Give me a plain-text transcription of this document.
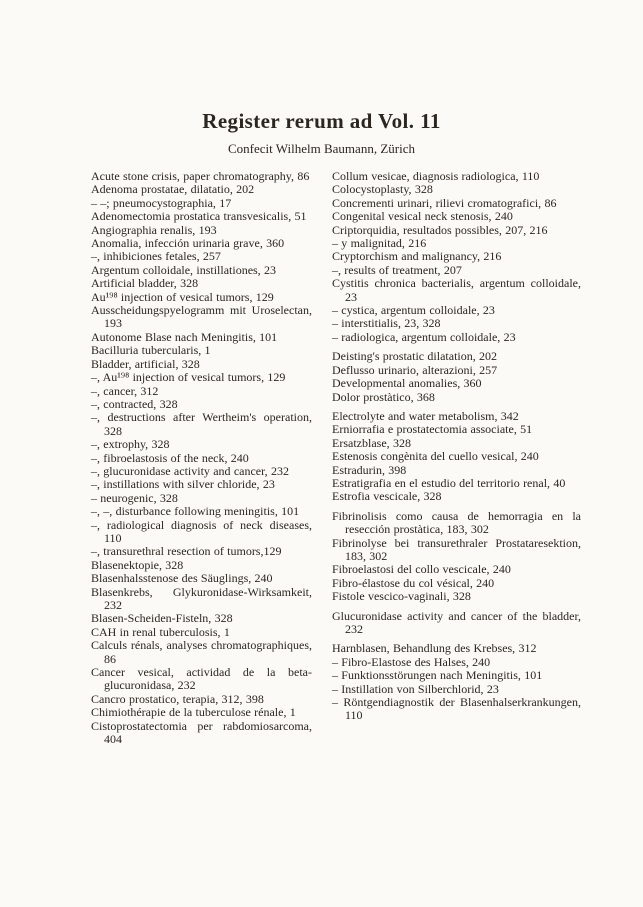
Register rerum ad Vol. 11
Confecit Wilhelm Baumann, Zürich

Acute stone crisis, paper chromatography, 86

Adenoma prostatae, dilatatio, 202

– –; pneumocystographia, 17

Adenomectomia prostatica transvesicalis, 51

Angiographia renalis, 193

Anomalia, infección urinaria grave, 360

–, inhibiciones fetales, 257

Argentum colloidale, instillationes, 23

Artificial bladder, 328

Au¹⁹⁸ injection of vesical tumors, 129

Ausscheidungspyelogramm mit Uroselectan, 193

Autonome Blase nach Meningitis, 101

Bacilluria tubercularis, 1

Bladder, artificial, 328

–, Au¹⁹⁸ injection of vesical tumors, 129

–, cancer, 312

–, contracted, 328

–, destructions after Wertheim's operation, 328

–, extrophy, 328

–, fibroelastosis of the neck, 240

–, glucuronidase activity and cancer, 232

–, instillations with silver chloride, 23

– neurogenic, 328

–, –, disturbance following meningitis, 101

–, radiological diagnosis of neck diseases, 110

–, transurethral resection of tumors,129

Blasenektopie, 328

Blasenhalsstenose des Säuglings, 240

Blasenkrebs, Glykuronidase-Wirksamkeit, 232

Blasen-Scheiden-Fisteln, 328

CAH in renal tuberculosis, 1

Calculs rénals, analyses chromatographiques, 86

Cancer vesical, actividad de la beta-glucuronidasa, 232

Cancro prostatico, terapia, 312, 398

Chimiothérapie de la tuberculose rénale, 1

Cistoprostatectomia per rabdomiosarcoma, 404

Collum vesicae, diagnosis radiologica, 110

Colocystoplasty, 328

Concrementi urinari, rilievi cromatografici, 86

Congenital vesical neck stenosis, 240

Criptorquidia, resultados possibles, 207, 216

– y malignitad, 216

Cryptorchism and malignancy, 216

–, results of treatment, 207

Cystitis chronica bacterialis, argentum colloidale, 23

– cystica, argentum colloidale, 23

– interstitialis, 23, 328

– radiologica, argentum colloidale, 23

Deisting's prostatic dilatation, 202

Deflusso urinario, alterazioni, 257

Developmental anomalies, 360

Dolor prostàtico, 368

Electrolyte and water metabolism, 342

Erniorrafia e prostatectomia associate, 51

Ersatzblase, 328

Estenosis congènita del cuello vesical, 240

Estradurin, 398

Estratigrafia en el estudio del territorio renal, 40

Estrofia vescicale, 328

Fibrinolisis como causa de hemorragia en la resección prostàtica, 183, 302

Fibrinolyse bei transurethraler Prostataresektion, 183, 302

Fibroelastosi del collo vescicale, 240

Fibro-élastose du col vésical, 240

Fistole vescico-vaginali, 328

Glucuronidase activity and cancer of the bladder, 232

Harnblasen, Behandlung des Krebses, 312

– Fibro-Elastose des Halses, 240

– Funktionsstörungen nach Meningitis, 101

– Instillation von Silberchlorid, 23

– Röntgendiagnostik der Blasenhalserkrankungen, 110
